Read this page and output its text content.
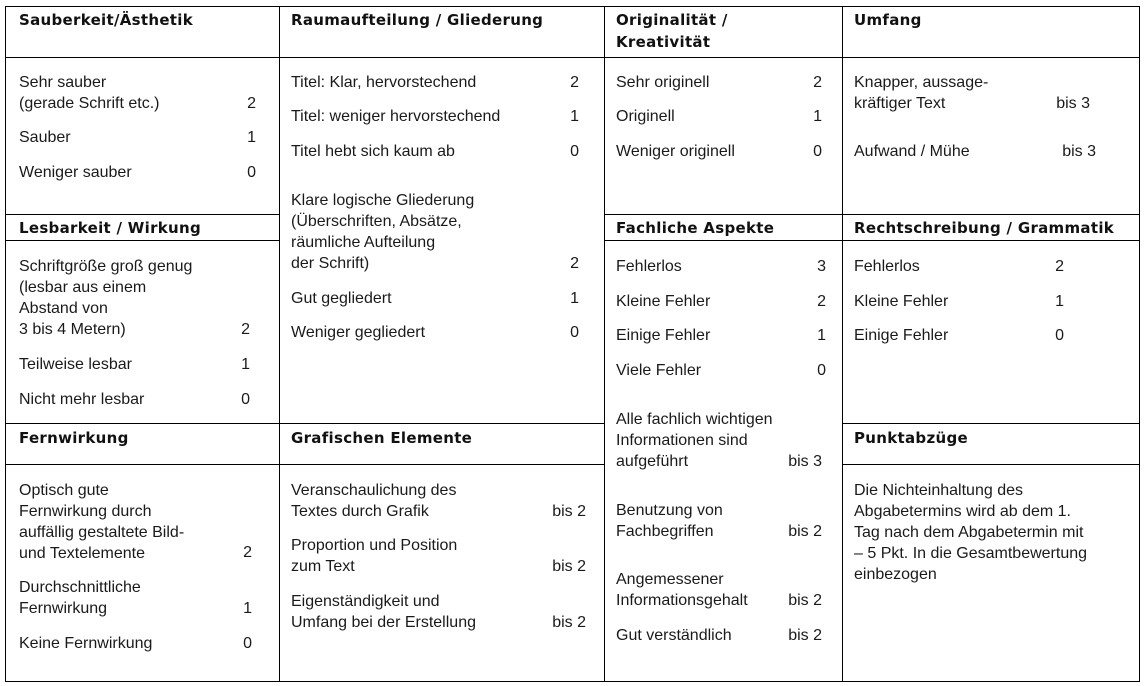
Sauberkeit/Ästhetik
Sehr sauber
(gerade Schrift etc.)	2
Sauber	1
Weniger sauber	0
Lesbarkeit / Wirkung
Schriftgröße groß genug
(lesbar aus einem
Abstand von
3 bis 4 Metern)	2
Teilweise lesbar	1
Nicht mehr lesbar	0
Fernwirkung
Optisch gute
Fernwirkung durch
auffällig gestaltete Bild-
und Textelemente	2
Durchschnittliche
Fernwirkung	1
Keine Fernwirkung	0
Raumaufteilung / Gliederung
Titel: Klar, hervorstechend	2
Titel: weniger hervorstechend	1
Titel hebt sich kaum ab	0
Klare logische Gliederung
(Überschriften, Absätze,
räumliche Aufteilung
der Schrift)	2
Gut gegliedert	1
Weniger gegliedert	0
Grafischen Elemente
Veranschaulichung des
Textes durch Grafik	bis 2
Proportion und Position
zum Text	bis 2
Eigenständigkeit und
Umfang bei der Erstellung	bis 2
Originalität /
Kreativität
Sehr originell	2
Originell	1
Weniger originell	0
Fachliche Aspekte
Fehlerlos	3
Kleine Fehler	2
Einige Fehler	1
Viele Fehler	0
Alle fachlich wichtigen
Informationen sind
aufgeführt	bis 3
Benutzung von
Fachbegriffen	bis 2
Angemessener
Informationsgehalt	bis 2
Gut verständlich	bis 2
Umfang
Knapper, aussage-
kräftiger Text	bis 3
Aufwand / Mühe	bis 3
Rechtschreibung / Grammatik
Fehlerlos	2
Kleine Fehler	1
Einige Fehler	0
Punktabzüge
Die Nichteinhaltung des
Abgabetermins wird ab dem 1.
Tag nach dem Abgabetermin mit
– 5 Pkt. In die Gesamtbewertung
einbezogen
